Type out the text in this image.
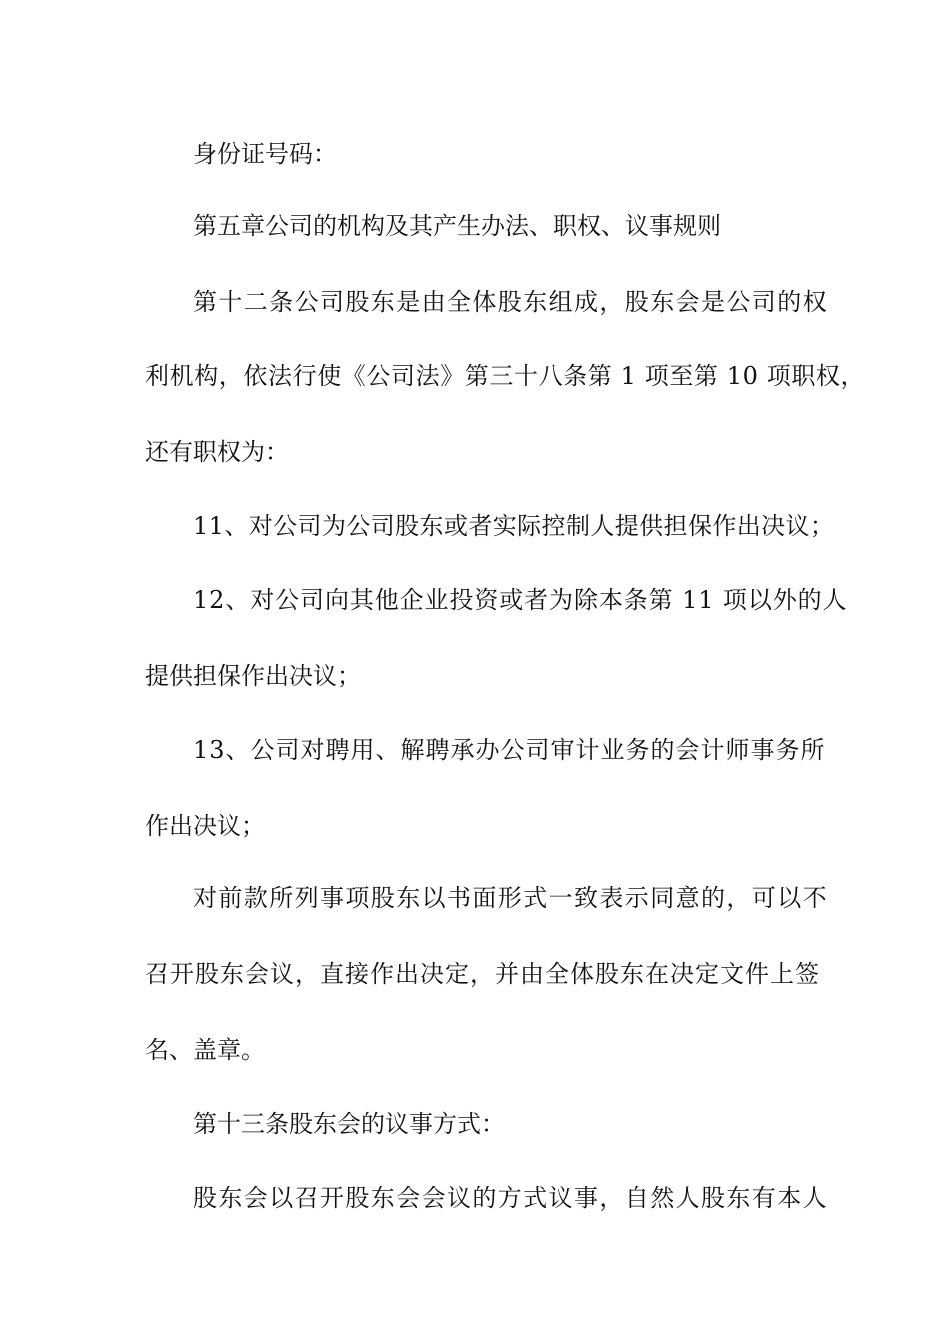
身份证号码：
第五章公司的机构及其产生办法、职权、议事规则
第十二条公司股东是由全体股东组成，股东会是公司的权
利机构，依法行使《公司法》第三十八条第 1 项至第 10 项职权，
还有职权为：
11、对公司为公司股东或者实际控制人提供担保作出决议；
12、对公司向其他企业投资或者为除本条第 11 项以外的人
提供担保作出决议；
13、公司对聘用、解聘承办公司审计业务的会计师事务所
作出决议；
对前款所列事项股东以书面形式一致表示同意的，可以不
召开股东会议，直接作出决定，并由全体股东在决定文件上签
名、盖章。
第十三条股东会的议事方式：
股东会以召开股东会会议的方式议事，自然人股东有本人
